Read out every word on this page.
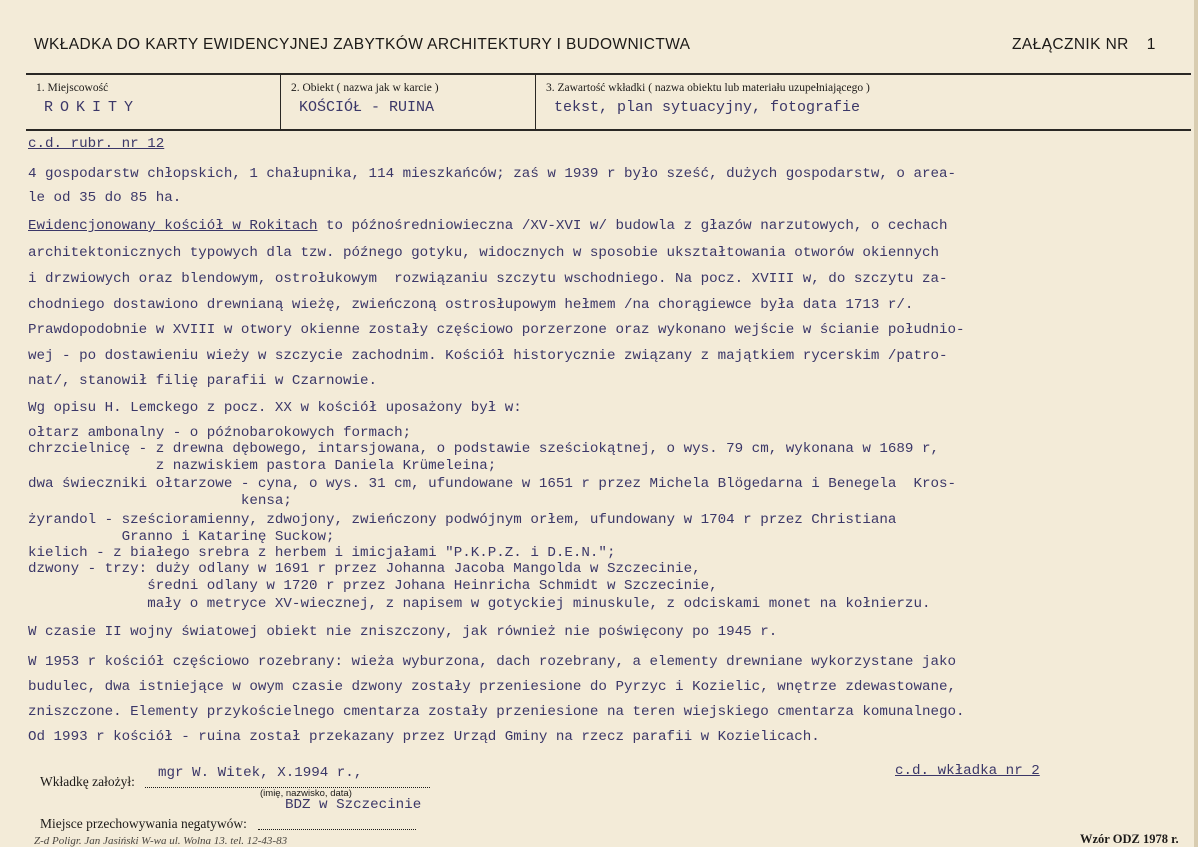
WKŁADKA DO KARTY EWIDENCYJNEJ ZABYTKÓW ARCHITEKTURY I BUDOWNICTWA	ZAŁĄCZNIK NR 1
1. Miejscowość
ROKITY
2. Obiekt ( nazwa jak w karcie )
KOŚCIÓŁ - RUINA
3. Zawartość wkładki ( nazwa obiektu lub materiału uzupełniającego )
tekst, plan sytuacyjny, fotografie
c.d. rubr. nr 12
4 gospodarstw chłopskich, 1 chałupnika, 114 mieszkańców; zaś w 1939 r było sześć, dużych gospodarstw, o area-
le od 35 do 85 ha.
Ewidencjonowany kościół w Rokitach to późnośredniowieczna /XV-XVI w/ budowla z głazów narzutowych, o cechach
architektonicznych typowych dla tzw. późnego gotyku, widocznych w sposobie ukształtowania otworów okiennych
i drzwiowych oraz blendowym, ostrołukowym  rozwiązaniu szczytu wschodniego. Na pocz. XVIII w, do szczytu za-
chodniego dostawiono drewnianą wieżę, zwieńczoną ostrosłupowym hełmem /na chorągiewce była data 1713 r/.
Prawdopodobnie w XVIII w otwory okienne zostały częściowo porzerzone oraz wykonano wejście w ścianie południo-
wej - po dostawieniu wieży w szczycie zachodnim. Kościół historycznie związany z majątkiem rycerskim /patro-
nat/, stanowił filię parafii w Czarnowie.
Wg opisu H. Lemckego z pocz. XX w kościół uposażony był w:
ołtarz ambonalny - o późnobarokowych formach;
chrzcielnicę - z drewna dębowego, intarsjowana, o podstawie sześciokątnej, o wys. 79 cm, wykonana w 1689 r,
z nazwiskiem pastora Daniela Krümeleina;
dwa świeczniki ołtarzowe - cyna, o wys. 31 cm, ufundowane w 1651 r przez Michela Blögedarna i Benegela  Kros-
kensa;
żyrandol - sześcioramienny, zdwojony, zwieńczony podwójnym orłem, ufundowany w 1704 r przez Christiana
Granno i Katarinę Suckow;
kielich - z białego srebra z herbem i imicjałami "P.K.P.Z. i D.E.N.";
dzwony - trzy: duży odlany w 1691 r przez Johanna Jacoba Mangolda w Szczecinie,
średni odlany w 1720 r przez Johana Heinricha Schmidt w Szczecinie,
mały o metryce XV-wiecznej, z napisem w gotyckiej minuskule, z odciskami monet na kołnierzu.
W czasie II wojny światowej obiekt nie zniszczony, jak również nie poświęcony po 1945 r.
W 1953 r kościół częściowo rozebrany: wieża wyburzona, dach rozebrany, a elementy drewniane wykorzystane jako
budulec, dwa istniejące w owym czasie dzwony zostały przeniesione do Pyrzyc i Kozielic, wnętrze zdewastowane,
zniszczone. Elementy przykościelnego cmentarza zostały przeniesione na teren wiejskiego cmentarza komunalnego.
Od 1993 r kościół - ruina został przekazany przez Urząd Gminy na rzecz parafii w Kozielicach.
Wkładkę założył:
mgr W. Witek, X.1994 r.,
(imię, nazwisko, data)
c.d. wkładka nr 2
BDZ w Szczecinie
Miejsce przechowywania negatywów:
Z-d Poligr. Jan Jasiński W-wa ul. Wolna 13. tel. 12-43-83	Wzór ODZ 1978 r.
